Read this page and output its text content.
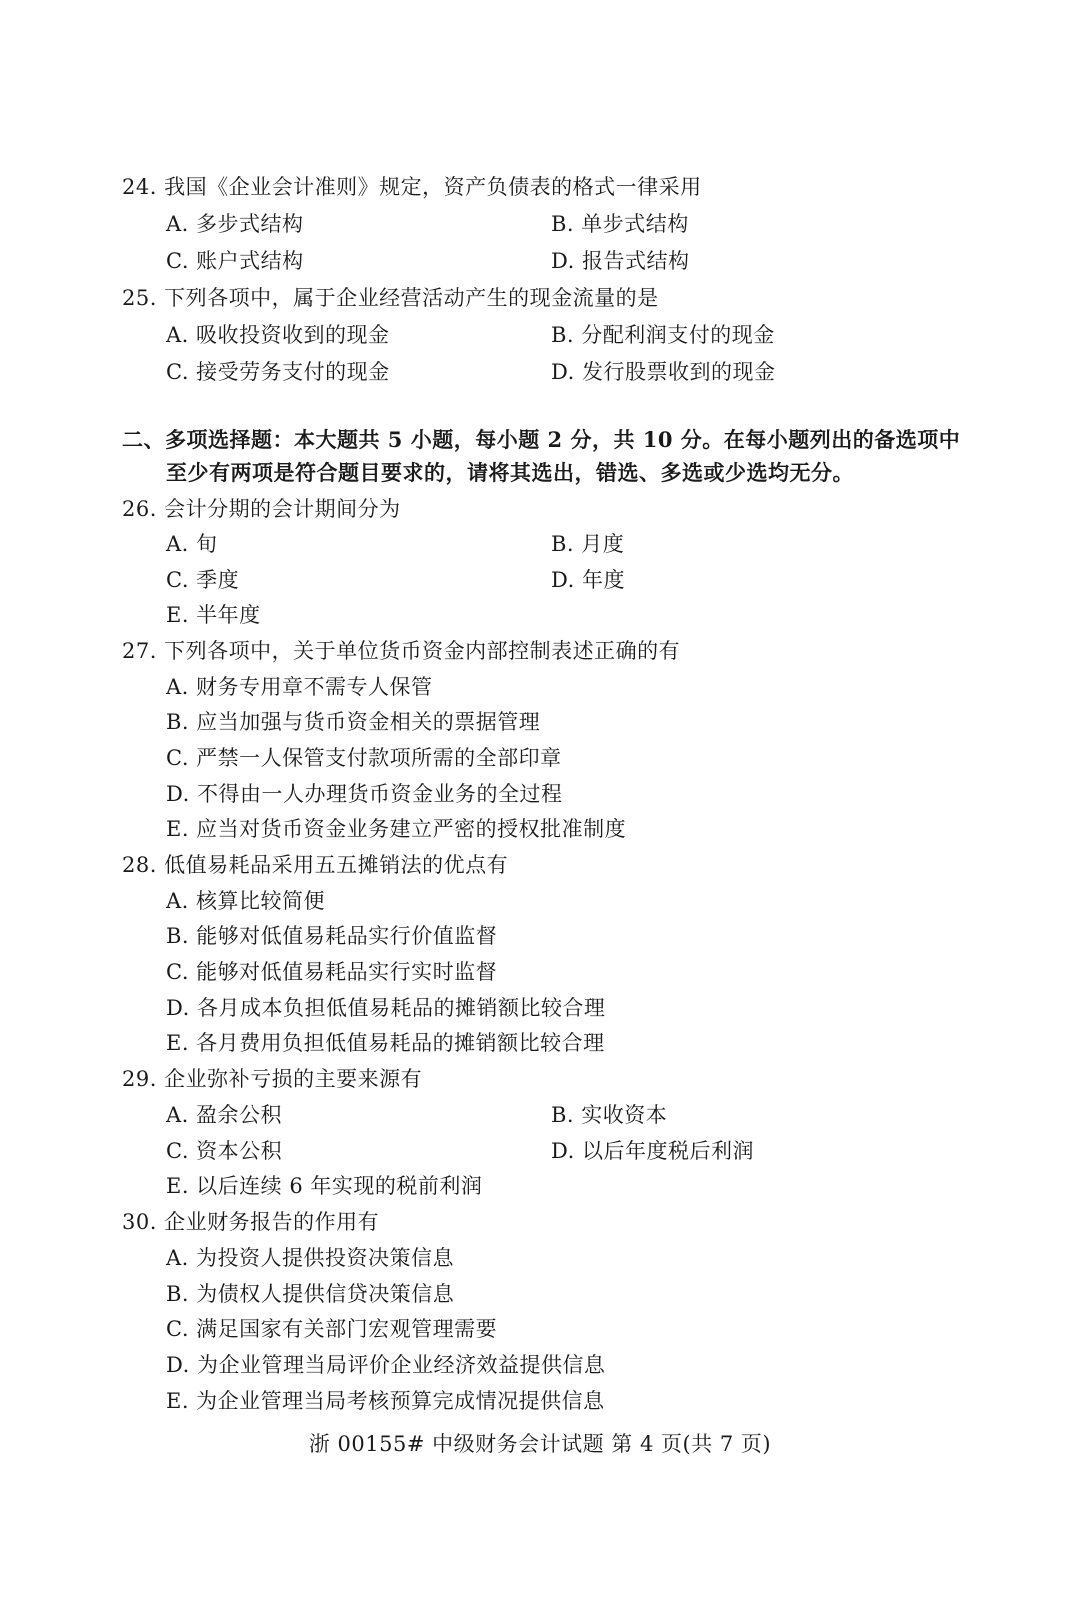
24. 我国《企业会计准则》规定，资产负债表的格式一律采用
A. 多步式结构	B. 单步式结构
C. 账户式结构	D. 报告式结构
25. 下列各项中，属于企业经营活动产生的现金流量的是
A. 吸收投资收到的现金	B. 分配利润支付的现金
C. 接受劳务支付的现金	D. 发行股票收到的现金
二、多项选择题：本大题共 5 小题，每小题 2 分，共 10 分。在每小题列出的备选项中
至少有两项是符合题目要求的，请将其选出，错选、多选或少选均无分。
26. 会计分期的会计期间分为
A. 旬	B. 月度
C. 季度	D. 年度
E. 半年度
27. 下列各项中，关于单位货币资金内部控制表述正确的有
A. 财务专用章不需专人保管
B. 应当加强与货币资金相关的票据管理
C. 严禁一人保管支付款项所需的全部印章
D. 不得由一人办理货币资金业务的全过程
E. 应当对货币资金业务建立严密的授权批准制度
28. 低值易耗品采用五五摊销法的优点有
A. 核算比较简便
B. 能够对低值易耗品实行价值监督
C. 能够对低值易耗品实行实时监督
D. 各月成本负担低值易耗品的摊销额比较合理
E. 各月费用负担低值易耗品的摊销额比较合理
29. 企业弥补亏损的主要来源有
A. 盈余公积	B. 实收资本
C. 资本公积	D. 以后年度税后利润
E. 以后连续 6 年实现的税前利润
30. 企业财务报告的作用有
A. 为投资人提供投资决策信息
B. 为债权人提供信贷决策信息
C. 满足国家有关部门宏观管理需要
D. 为企业管理当局评价企业经济效益提供信息
E. 为企业管理当局考核预算完成情况提供信息
浙 00155# 中级财务会计试题 第 4 页(共 7 页)
